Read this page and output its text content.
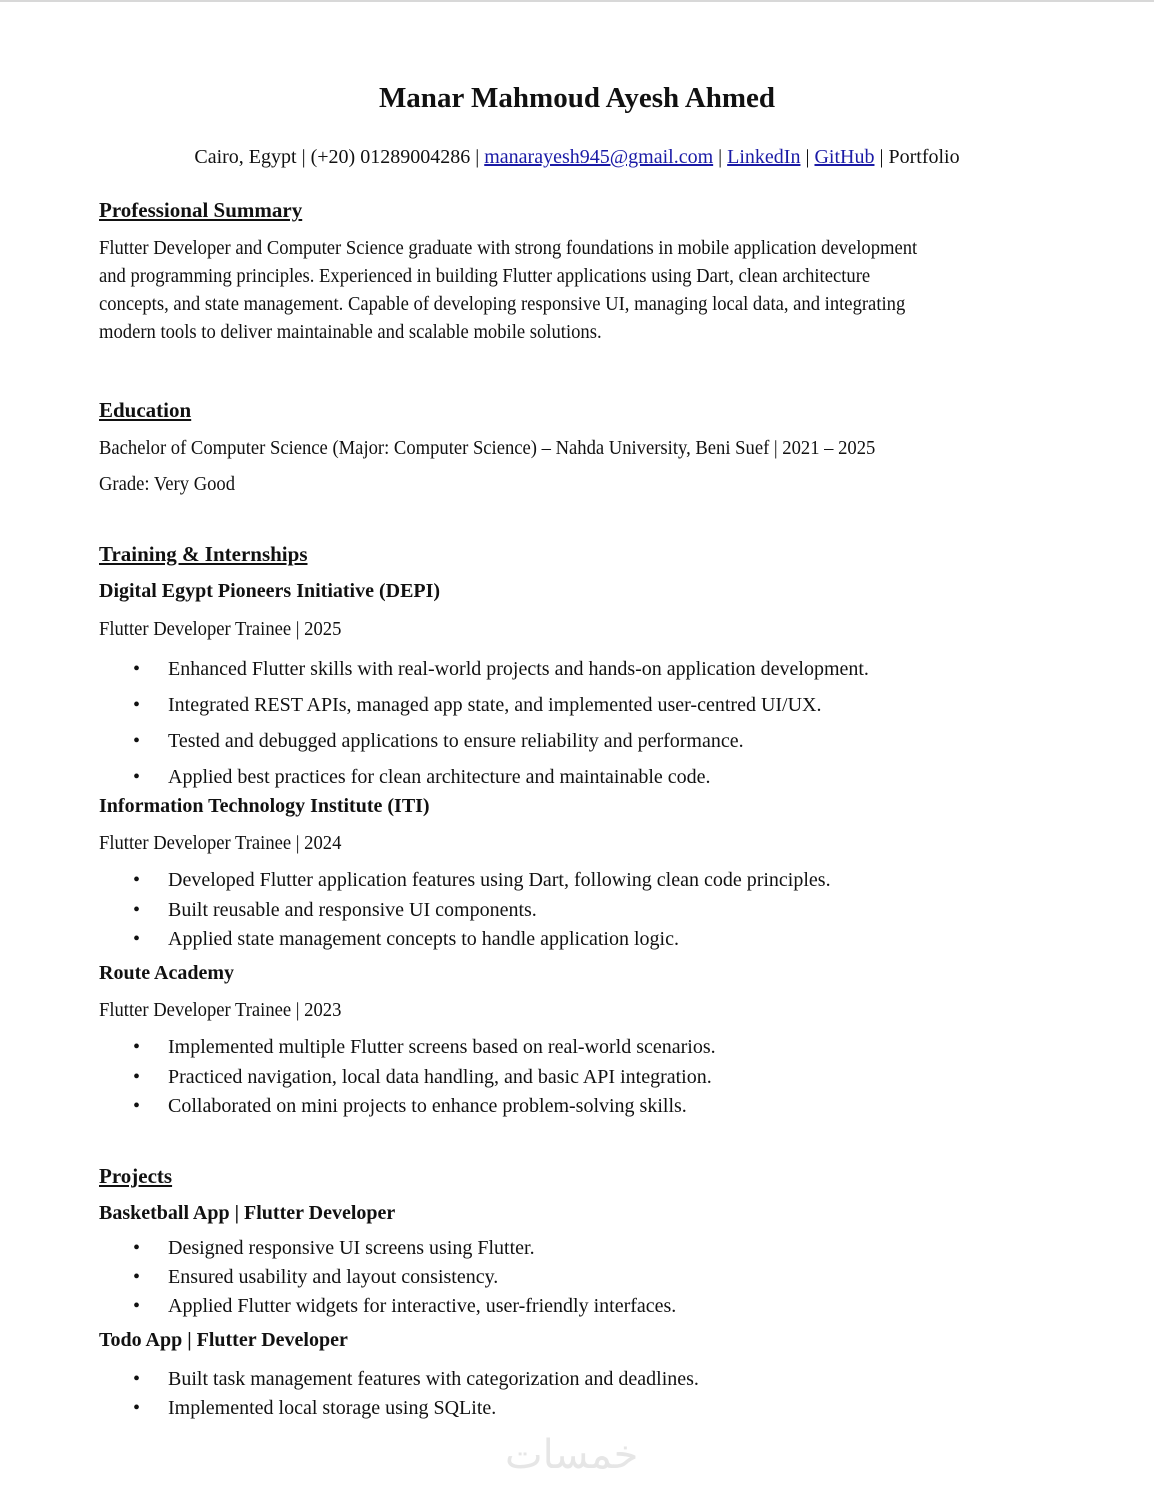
Manar Mahmoud Ayesh Ahmed
Cairo, Egypt | (+20) 01289004286 | manarayesh945@gmail.com | LinkedIn | GitHub | Portfolio
Professional Summary
Flutter Developer and Computer Science graduate with strong foundations in mobile application development
and programming principles. Experienced in building Flutter applications using Dart, clean architecture
concepts, and state management. Capable of developing responsive UI, managing local data, and integrating
modern tools to deliver maintainable and scalable mobile solutions.
Education
Bachelor of Computer Science (Major: Computer Science) – Nahda University, Beni Suef | 2021 – 2025
Grade: Very Good
Training & Internships
Digital Egypt Pioneers Initiative (DEPI)
Flutter Developer Trainee | 2025
• Enhanced Flutter skills with real-world projects and hands-on application development.
• Integrated REST APIs, managed app state, and implemented user-centred UI/UX.
• Tested and debugged applications to ensure reliability and performance.
• Applied best practices for clean architecture and maintainable code.
Information Technology Institute (ITI)
Flutter Developer Trainee | 2024
• Developed Flutter application features using Dart, following clean code principles.
• Built reusable and responsive UI components.
• Applied state management concepts to handle application logic.
Route Academy
Flutter Developer Trainee | 2023
• Implemented multiple Flutter screens based on real-world scenarios.
• Practiced navigation, local data handling, and basic API integration.
• Collaborated on mini projects to enhance problem-solving skills.
Projects
Basketball App | Flutter Developer
• Designed responsive UI screens using Flutter.
• Ensured usability and layout consistency.
• Applied Flutter widgets for interactive, user-friendly interfaces.
Todo App | Flutter Developer
• Built task management features with categorization and deadlines.
• Implemented local storage using SQLite.
خمسات
